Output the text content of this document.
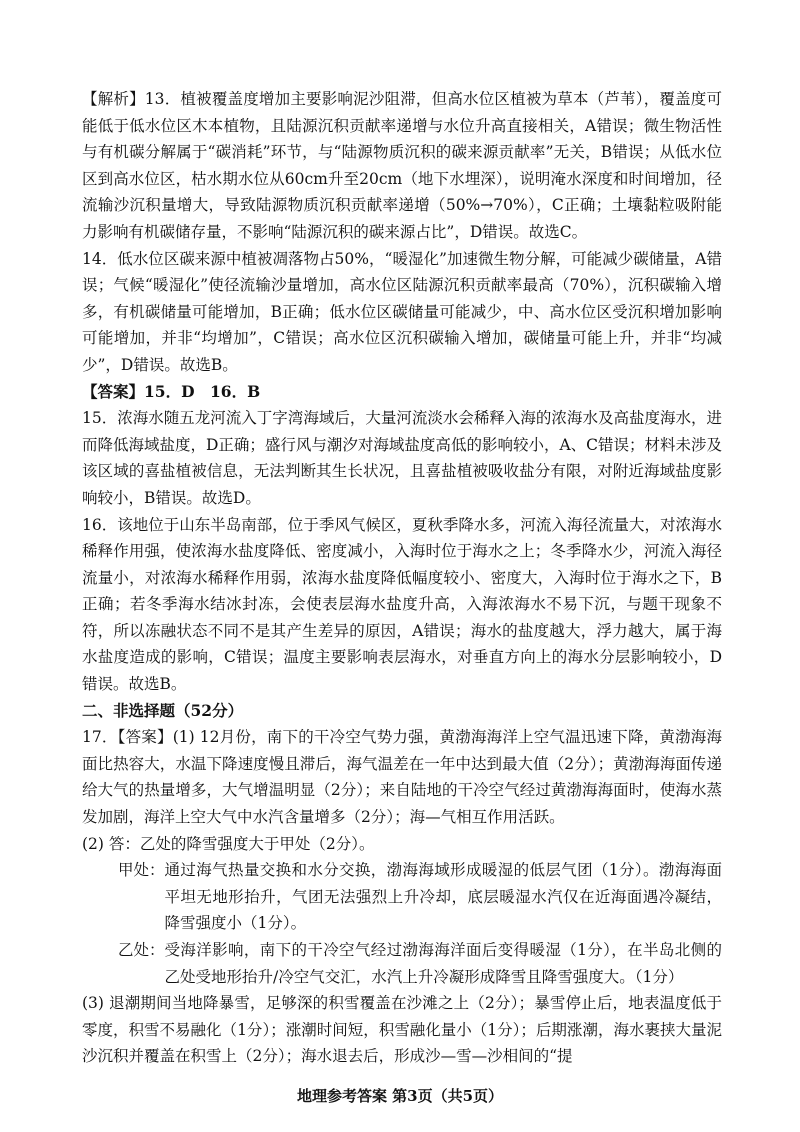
【解析】13．植被覆盖度增加主要影响泥沙阻滞，但高水位区植被为草本（芦苇），覆盖度可能低于低水位区木本植物，且陆源沉积贡献率递增与水位升高直接相关，A错误；微生物活性与有机碳分解属于“碳消耗”环节，与“陆源物质沉积的碳来源贡献率”无关，B错误；从低水位区到高水位区，枯水期水位从60cm升至20cm（地下水埋深），说明淹水深度和时间增加，径流输沙沉积量增大，导致陆源物质沉积贡献率递增（50%→70%），C正确；土壤黏粒吸附能力影响有机碳储存量，不影响“陆源沉积的碳来源占比”，D错误。故选C。

14．低水位区碳来源中植被凋落物占50%，“暖湿化”加速微生物分解，可能减少碳储量，A错误；气候“暖湿化”使径流输沙量增加，高水位区陆源沉积贡献率最高（70%），沉积碳输入增多，有机碳储量可能增加，B正确；低水位区碳储量可能减少，中、高水位区受沉积增加影响可能增加，并非“均增加”，C错误；高水位区沉积碳输入增加，碳储量可能上升，并非“均减少”，D错误。故选B。

【答案】15．D　16．B

15．浓海水随五龙河流入丁字湾海域后，大量河流淡水会稀释入海的浓海水及高盐度海水，进而降低海域盐度，D正确；盛行风与潮汐对海域盐度高低的影响较小，A、C错误；材料未涉及该区域的喜盐植被信息，无法判断其生长状况，且喜盐植被吸收盐分有限，对附近海域盐度影响较小，B错误。故选D。

16．该地位于山东半岛南部，位于季风气候区，夏秋季降水多，河流入海径流量大，对浓海水稀释作用强，使浓海水盐度降低、密度减小，入海时位于海水之上；冬季降水少，河流入海径流量小，对浓海水稀释作用弱，浓海水盐度降低幅度较小、密度大，入海时位于海水之下，B正确；若冬季海水结冰封冻，会使表层海水盐度升高，入海浓海水不易下沉，与题干现象不符，所以冻融状态不同不是其产生差异的原因，A错误；海水的盐度越大，浮力越大，属于海水盐度造成的影响，C错误；温度主要影响表层海水，对垂直方向上的海水分层影响较小，D错误。故选B。

二、非选择题（52分）

17．【答案】(1) 12月份，南下的干冷空气势力强，黄渤海海洋上空气温迅速下降，黄渤海海面比热容大，水温下降速度慢且滞后，海气温差在一年中达到最大值（2分）；黄渤海海面传递给大气的热量增多，大气增温明显（2分）；来自陆地的干冷空气经过黄渤海海面时，使海水蒸发加剧，海洋上空大气中水汽含量增多（2分）；海—气相互作用活跃。

(2) 答：乙处的降雪强度大于甲处（2分）。

甲处： 通过海气热量交换和水分交换，渤海海域形成暖湿的低层气团（1分）。渤海海面平坦无地形抬升，气团无法强烈上升冷却，底层暖湿水汽仅在近海面遇冷凝结，降雪强度小（1分）。
乙处： 受海洋影响，南下的干冷空气经过渤海海洋面后变得暖湿（1分），在半岛北侧的乙处受地形抬升/冷空气交汇，水汽上升冷凝形成降雪且降雪强度大。（1分）

(3) 退潮期间当地降暴雪，足够深的积雪覆盖在沙滩之上（2分）；暴雪停止后，地表温度低于零度，积雪不易融化（1分）；涨潮时间短，积雪融化量小（1分）；后期涨潮，海水裹挟大量泥沙沉积并覆盖在积雪上（2分）；海水退去后，形成沙—雪—沙相间的“提

地理参考答案 第3页（共5页）
